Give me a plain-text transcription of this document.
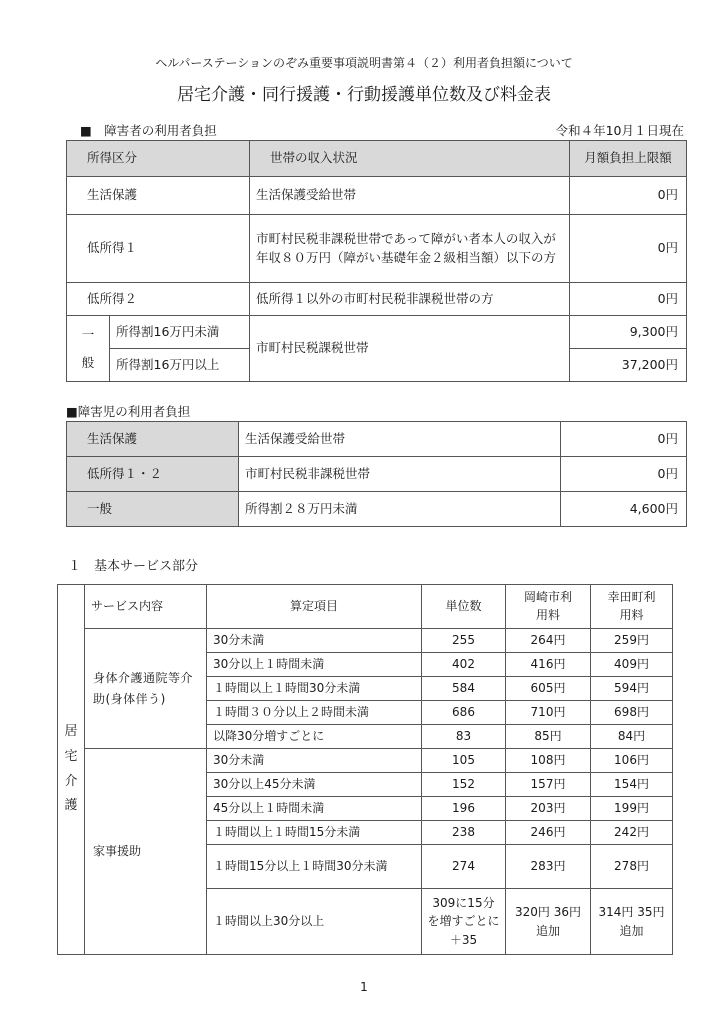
ヘルパーステーションのぞみ重要事項説明書第４（２）利用者負担額について
居宅介護・同行援護・行動援護単位数及び料金表
■　障害者の利用者負担	令和４年10月１日現在
所得区分		世帯の収入状況	月額負担上限額
生活保護		生活保護受給世帯	0円
低所得１		市町村民税非課税世帯であって障がい者本人の収入が年収８０万円（障がい基礎年金２級相当額）以下の方	0円
低所得２		低所得１以外の市町村民税非課税世帯の方	0円

一般	所得割16万円未満	市町村民税課税世帯	9,300円
	所得割16万円以上		37,200円
■障害児の利用者負担
生活保護	生活保護受給世帯	0円
低所得１・２	市町村民税非課税世帯	0円
一般	所得割２８万円未満	4,600円
１　基本サービス部分
居宅介護	サービス内容	算定項目	単位数	岡崎市利用料	幸田町利用料

	身体介護通院等介助(身体伴う)	30分未満	255	264円	259円
		30分以上１時間未満	402	416円	409円
		１時間以上１時間30分未満	584	605円	594円
		１時間３０分以上２時間未満	686	710円	698円
		以降30分増すごとに	83	85円	84円
	家事援助	30分未満	105	108円	106円
		30分以上45分未満	152	157円	154円
		45分以上１時間未満	196	203円	199円
		１時間以上１時間15分未満	238	246円	242円
		１時間15分以上１時間30分未満	274	283円	278円
		１時間以上30分以上	309に15分を増すごとに＋35	320円 36円追加	314円 35円追加
1
